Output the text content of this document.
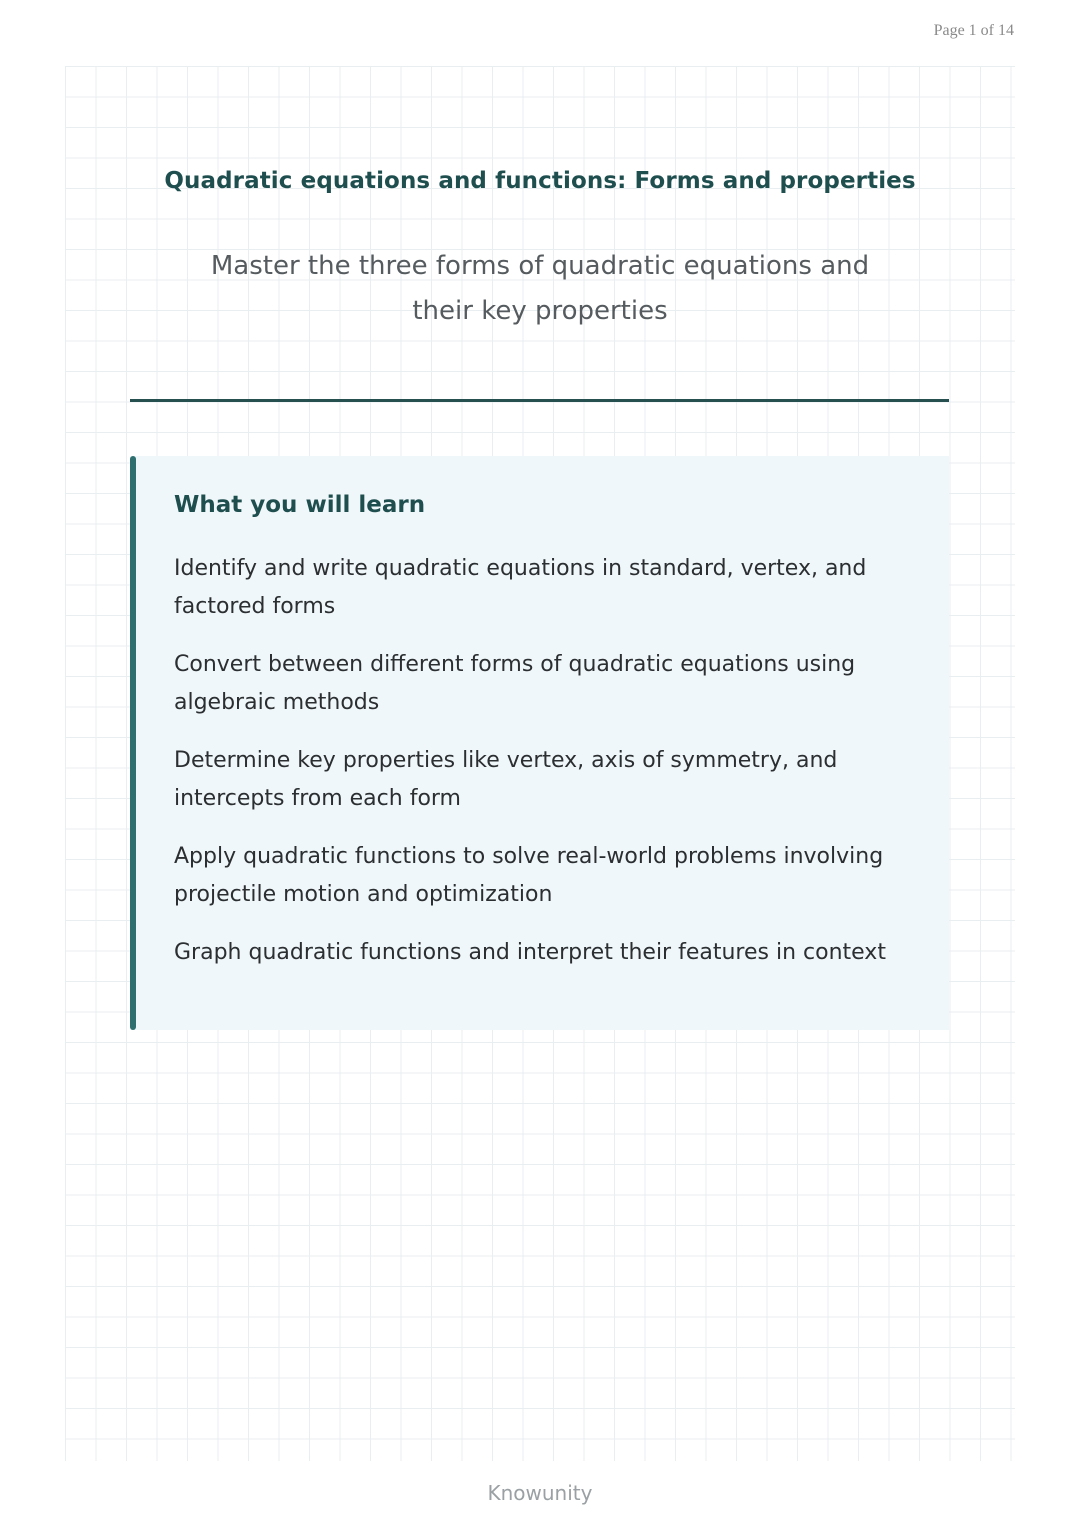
Page 1 of 14
Quadratic equations and functions: Forms and properties
Master the three forms of quadratic equations and their key properties
What you will learn
Identify and write quadratic equations in standard, vertex, and factored forms
Convert between different forms of quadratic equations using algebraic methods
Determine key properties like vertex, axis of symmetry, and intercepts from each form
Apply quadratic functions to solve real-world problems involving projectile motion and optimization
Graph quadratic functions and interpret their features in context
Knowunity
